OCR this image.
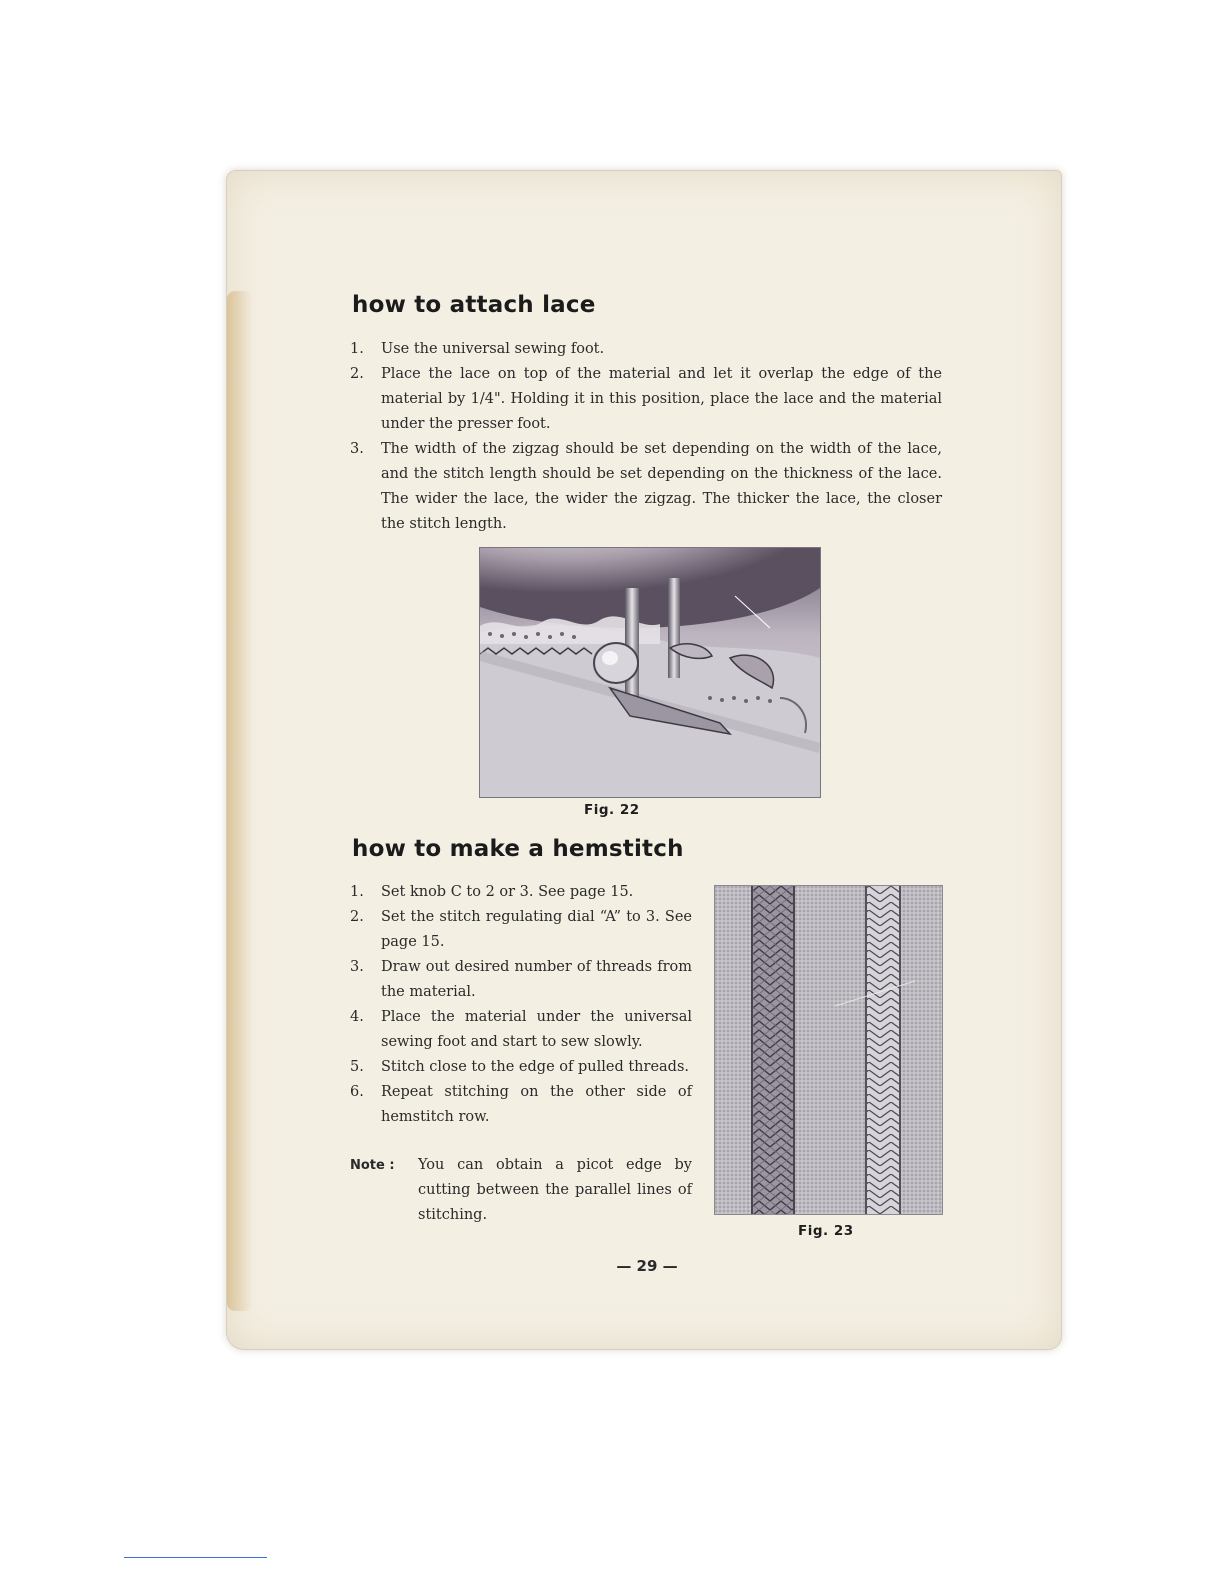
how to attach lace
1. Use the universal sewing foot.
2. Place the lace on top of the material and let it overlap the edge of the material by 1/4". Holding it in this position, place the lace and the material under the presser foot.
3. The width of the zigzag should be set depending on the width of the lace, and the stitch length should be set depending on the thickness of the lace. The wider the lace, the wider the zigzag. The thicker the lace, the closer the stitch length.
Fig. 22
how to make a hemstitch
1. Set knob C to 2 or 3. See page 15.
2. Set the stitch regulating dial “A” to 3. See page 15.
3. Draw out desired number of threads from the material.
4. Place the material under the universal sewing foot and start to sew slowly.
5. Stitch close to the edge of pulled threads.
6. Repeat stitching on the other side of hemstitch row.
Note : You can obtain a picot edge by cutting between the parallel lines of stitching.
Fig. 23
— 29 —
